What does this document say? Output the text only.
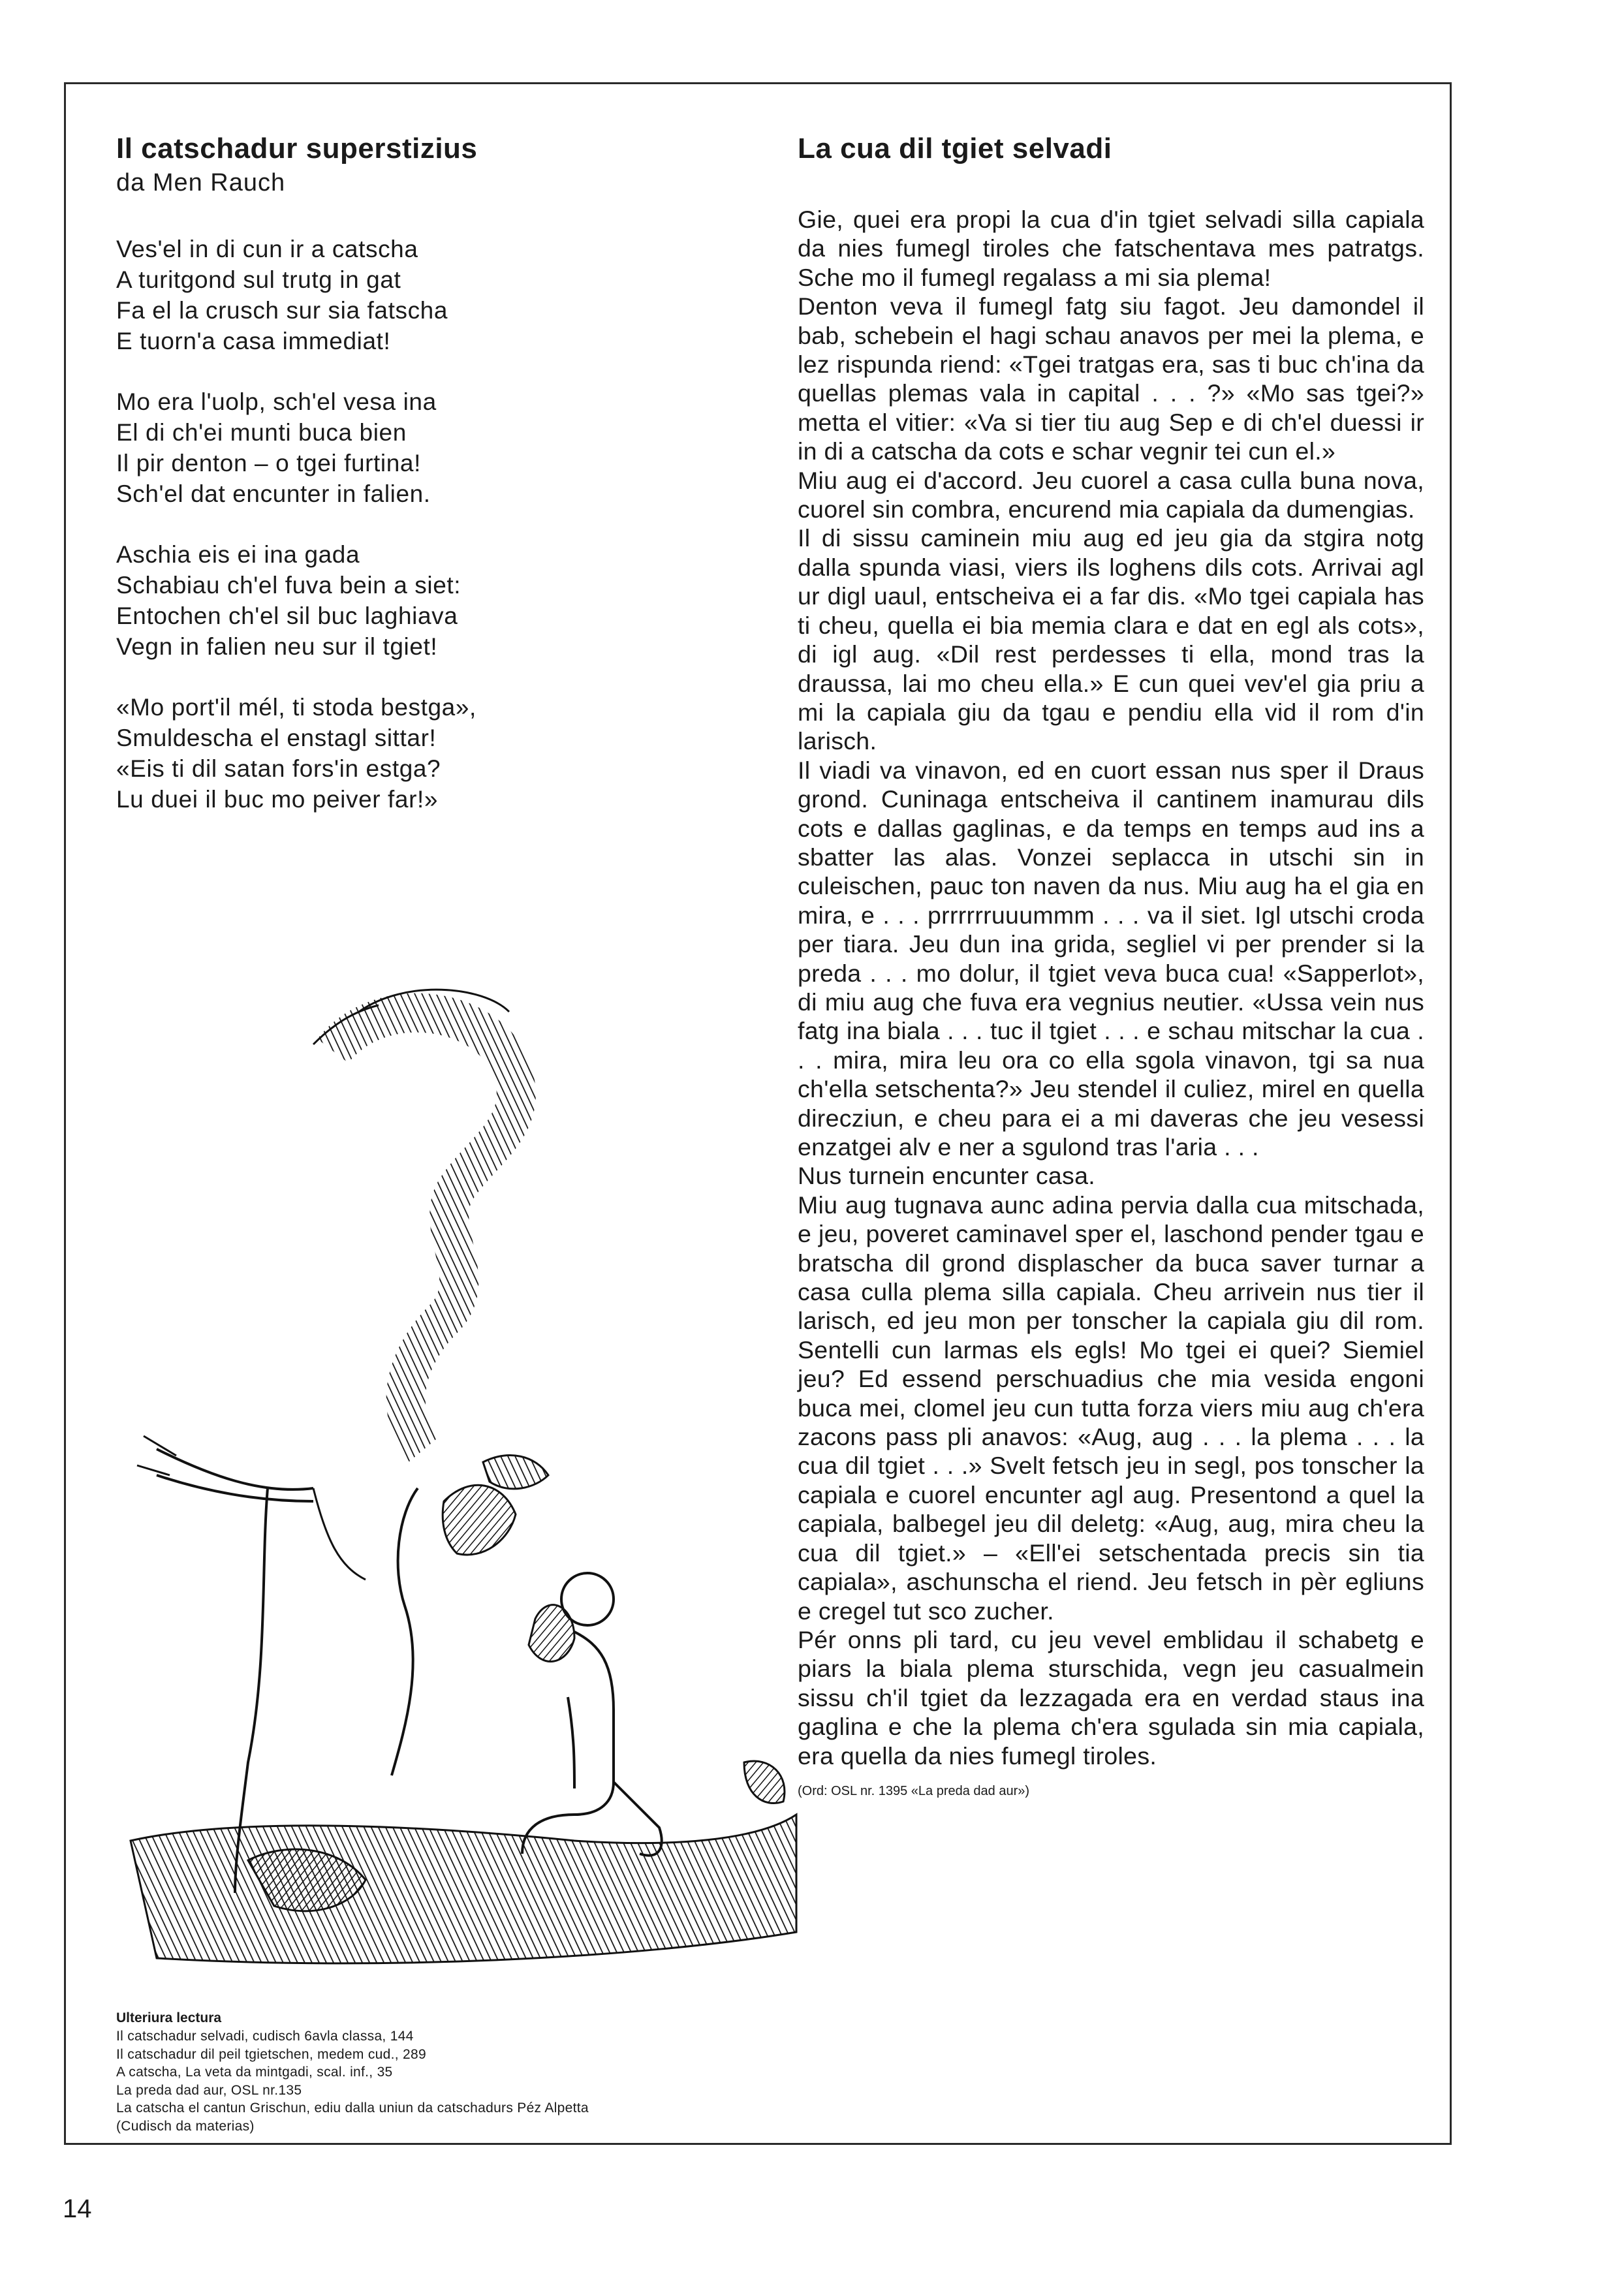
Il catschadur superstizius
da Men Rauch
Ves'el in di cun ir a catscha
A turitgond sul trutg in gat
Fa el la crusch sur sia fatscha
E tuorn'a casa immediat!
Mo era l'uolp, sch'el vesa ina
El di ch'ei munti buca bien
Il pir denton – o tgei furtina!
Sch'el dat encunter in falien.
Aschia eis ei ina gada
Schabiau ch'el fuva bein a siet:
Entochen ch'el sil buc laghiava
Vegn in falien neu sur il tgiet!
«Mo port'il mél, ti stoda bestga»,
Smuldescha el enstagl sittar!
«Eis ti dil satan fors'in estga?
Lu duei il buc mo peiver far!»
Ulteriura lectura
Il catschadur selvadi, cudisch 6avla classa, 144
Il catschadur dil peil tgietschen, medem cud., 289
A catscha, La veta da mintgadi, scal. inf., 35
La preda dad aur, OSL nr.135
La catscha el cantun Grischun, ediu dalla uniun da catschadurs Péz Alpetta
(Cudisch da materias)
La cua dil tgiet selvadi

Gie, quei era propi la cua d'in tgiet selvadi silla capiala da nies fumegl tiroles che fatschentava mes patratgs. Sche mo il fumegl regalass a mi sia plema!

Denton veva il fumegl fatg siu fagot. Jeu damondel il bab, schebein el hagi schau anavos per mei la plema, e lez rispunda riend: «Tgei tratgas era, sas ti buc ch'ina da quellas plemas vala in capital . . . ?» «Mo sas tgei?» metta el vitier: «Va si tier tiu aug Sep e di ch'el duessi ir in di a catscha da cots e schar vegnir tei cun el.»

Miu aug ei d'accord. Jeu cuorel a casa culla buna nova, cuorel sin combra, encurend mia capiala da dumengias.

Il di sissu caminein miu aug ed jeu gia da stgira notg dalla spunda viasi, viers ils loghens dils cots. Arrivai agl ur digl uaul, entscheiva ei a far dis. «Mo tgei capiala has ti cheu, quella ei bia memia clara e dat en egl als cots», di igl aug. «Dil rest perdesses ti ella, mond tras la draussa, lai mo cheu ella.» E cun quei vev'el gia priu a mi la capiala giu da tgau e pendiu ella vid il rom d'in larisch.

Il viadi va vinavon, ed en cuort essan nus sper il Draus grond. Cuninaga entscheiva il cantinem inamurau dils cots e dallas gaglinas, e da temps en temps aud ins a sbatter las alas. Vonzei seplacca in utschi sin in culeischen, pauc ton naven da nus. Miu aug ha el gia en mira, e . . . prrrrrruuummm . . . va il siet. Igl utschi croda per tiara. Jeu dun ina grida, segliel vi per prender si la preda . . . mo dolur, il tgiet veva buca cua! «Sapperlot», di miu aug che fuva era vegnius neutier. «Ussa vein nus fatg ina biala . . . tuc il tgiet . . . e schau mitschar la cua . . . mira, mira leu ora co ella sgola vinavon, tgi sa nua ch'ella setschenta?» Jeu stendel il culiez, mirel en quella direcziun, e cheu para ei a mi daveras che jeu vesessi enzatgei alv e ner a sgulond tras l'aria . . .

Nus turnein encunter casa.

Miu aug tugnava aunc adina pervia dalla cua mitschada, e jeu, poveret caminavel sper el, laschond pender tgau e bratscha dil grond displascher da buca saver turnar a casa culla plema silla capiala. Cheu arrivein nus tier il larisch, ed jeu mon per tonscher la capiala giu dil rom. Sentelli cun larmas els egls! Mo tgei ei quei? Siemiel jeu? Ed essend perschuadius che mia vesida engoni buca mei, clomel jeu cun tutta forza viers miu aug ch'era zacons pass pli anavos: «Aug, aug . . . la plema . . . la cua dil tgiet . . .» Svelt fetsch jeu in segl, pos tonscher la capiala e cuorel encunter agl aug. Presentond a quel la capiala, balbegel jeu dil deletg: «Aug, aug, mira cheu la cua dil tgiet.» – «Ell'ei setschentada precis sin tia capiala», aschunscha el riend. Jeu fetsch in pèr egliuns e cregel tut sco zucher.

Pér onns pli tard, cu jeu vevel emblidau il schabetg e piars la biala plema sturschida, vegn jeu casualmein sissu ch'il tgiet da lezzagada era en verdad staus ina gaglina e che la plema ch'era sgulada sin mia capiala, era quella da nies fumegl tiroles.

(Ord: OSL nr. 1395 «La preda dad aur»)
14
